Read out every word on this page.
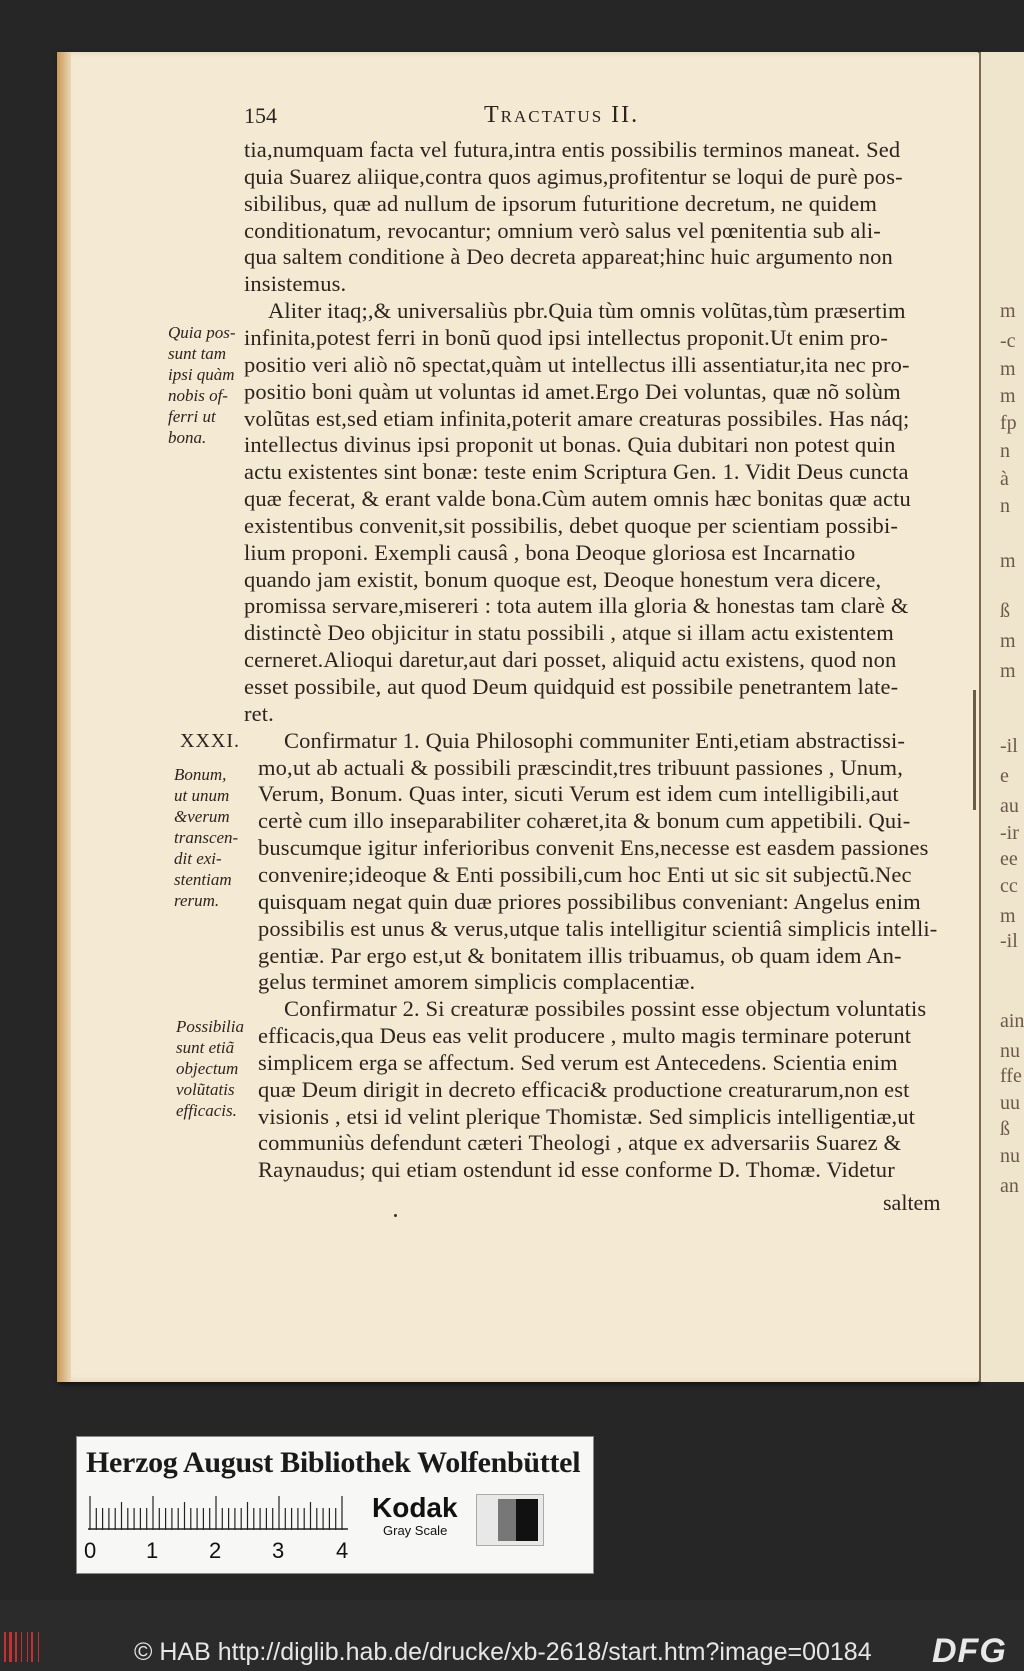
154	Tractatus II.
tia,numquam facta vel futura,intra entis possibilis terminos maneat. Sed
quia Suarez aliique,contra quos agimus,profitentur se loqui de purè pos-
sibilibus, quæ ad nullum de ipsorum futuritione decretum, ne quidem
conditionatum, revocantur; omnium verò salus vel pœnitentia sub ali-
qua saltem conditione à Deo decreta appareat;hinc huic argumento non
insistemus.
Aliter itaq;,& universaliùs pbr.Quia tùm omnis volũtas,tùm præsertim
infinita,potest ferri in bonũ quod ipsi intellectus proponit.Ut enim pro-
positio veri aliò nõ spectat,quàm ut intellectus illi assentiatur,ita nec pro-
positio boni quàm ut voluntas id amet.Ergo Dei voluntas, quæ nõ solùm
volũtas est,sed etiam infinita,poterit amare creaturas possibiles. Has náq;
intellectus divinus ipsi proponit ut bonas. Quia dubitari non potest quin
actu existentes sint bonæ: teste enim Scriptura Gen. 1. Vidit Deus cuncta
quæ fecerat, & erant valde bona.Cùm autem omnis hæc bonitas quæ actu
existentibus convenit,sit possibilis, debet quoque per scientiam possibi-
lium proponi. Exempli causâ , bona Deoque gloriosa est Incarnatio
quando jam existit, bonum quoque est, Deoque honestum vera dicere,
promissa servare,misereri : tota autem illa gloria & honestas tam clarè &
distinctè Deo objicitur in statu possibili , atque si illam actu existentem
cerneret.Alioqui daretur,aut dari posset, aliquid actu existens, quod non
esset possibile, aut quod Deum quidquid est possibile penetrantem late-
ret.
Confirmatur 1. Quia Philosophi communiter Enti,etiam abstractissi-
mo,ut ab actuali & possibili præscindit,tres tribuunt passiones , Unum,
Verum, Bonum. Quas inter, sicuti Verum est idem cum intelligibili,aut
certè cum illo inseparabiliter cohæret,ita & bonum cum appetibili. Qui-
buscumque igitur inferioribus convenit Ens,necesse est easdem passiones
convenire;ideoque & Enti possibili,cum hoc Enti ut sic sit subjectũ.Nec
quisquam negat quin duæ priores possibilibus conveniant: Angelus enim
possibilis est unus & verus,utque talis intelligitur scientiâ simplicis intelli-
gentiæ. Par ergo est,ut & bonitatem illis tribuamus, ob quam idem An-
gelus terminet amorem simplicis complacentiæ.
Confirmatur 2. Si creaturæ possibiles possint esse objectum voluntatis
efficacis,qua Deus eas velit producere , multo magis terminare poterunt
simplicem erga se affectum. Sed verum est Antecedens. Scientia enim
quæ Deum dirigit in decreto efficaci& productione creaturarum,non est
visionis , etsi id velint plerique Thomistæ. Sed simplicis intelligentiæ,ut
communiùs defendunt cæteri Theologi , atque ex adversariis Suarez &
Raynaudus; qui etiam ostendunt id esse conforme D. Thomæ. Videtur
XXXI.
Quia pos-
sunt tam
ipsi quàm
nobis of-
ferri ut
bona.
Bonum,
ut unum
&verum
transcen-
dit exi-
stentiam
rerum.
Possibilia
sunt etiã
objectum
volũtatis
efficacis.
saltem
Herzog August Bibliothek Wolfenbüttel
0 1 2 3 4
Kodak
Gray Scale
© HAB http://diglib.hab.de/drucke/xb-2618/start.htm?image=00184 DFG
m
-c
m
m
fp
n
à
n
m
ß
m
m
-il
e
au
-ir
ee
cc
m
-il
ain
nu
ffe
uu
ß
nu
an
